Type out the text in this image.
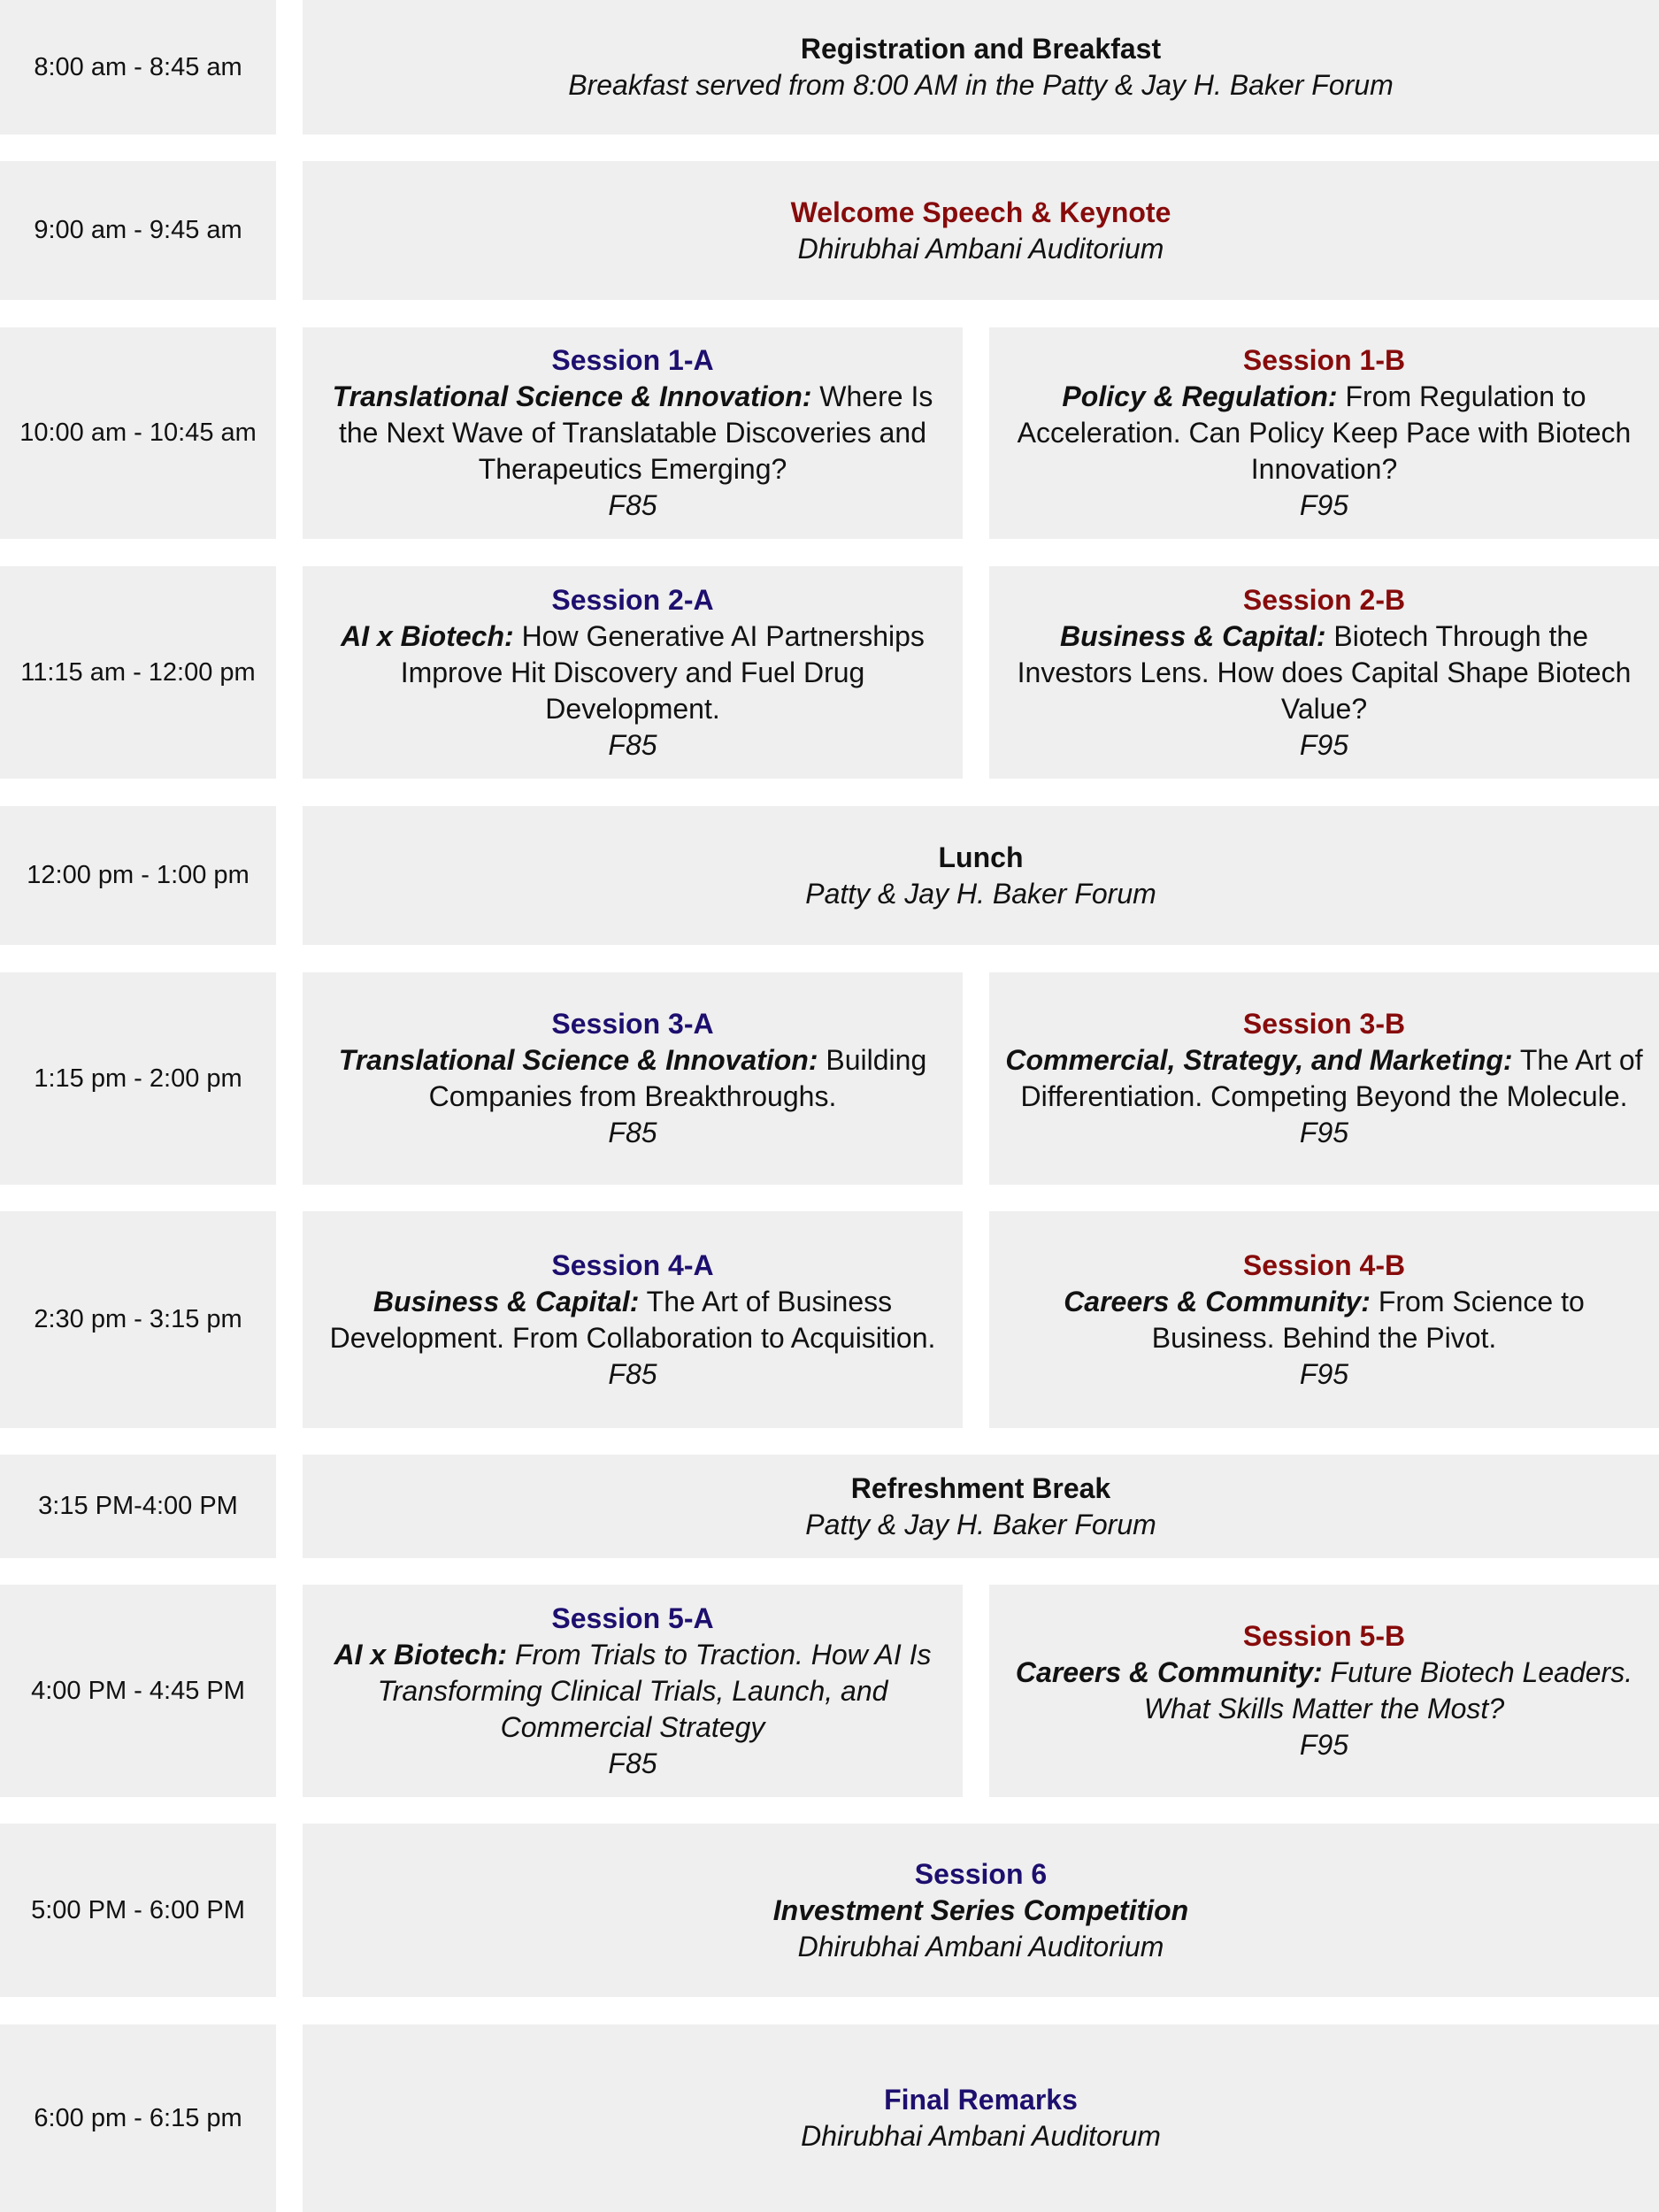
8:00 am - 8:45 am
Registration and Breakfast
Breakfast served from 8:00 AM in the Patty & Jay H. Baker Forum
9:00 am - 9:45 am
Welcome Speech & Keynote
Dhirubhai Ambani Auditorium
10:00 am - 10:45 am
Session 1-A
Translational Science & Innovation: Where Is the Next Wave of Translatable Discoveries and Therapeutics Emerging?
F85
Session 1-B
Policy & Regulation: From Regulation to Acceleration. Can Policy Keep Pace with Biotech Innovation?
F95
11:15 am - 12:00 pm
Session 2-A
AI x Biotech: How Generative AI Partnerships Improve Hit Discovery and Fuel Drug Development.
F85
Session 2-B
Business & Capital: Biotech Through the Investors Lens. How does Capital Shape Biotech Value?
F95
12:00 pm - 1:00 pm
Lunch
Patty & Jay H. Baker Forum
1:15 pm - 2:00 pm
Session 3-A
Translational Science & Innovation: Building Companies from Breakthroughs.
F85
Session 3-B
Commercial, Strategy, and Marketing: The Art of Differentiation. Competing Beyond the Molecule.
F95
2:30 pm - 3:15 pm
Session 4-A
Business & Capital: The Art of Business Development. From Collaboration to Acquisition.
F85
Session 4-B
Careers & Community: From Science to Business. Behind the Pivot.
F95
3:15 PM-4:00 PM
Refreshment Break
Patty & Jay H. Baker Forum
4:00 PM - 4:45 PM
Session 5-A
AI x Biotech: From Trials to Traction. How AI Is Transforming Clinical Trials, Launch, and Commercial Strategy
F85
Session 5-B
Careers & Community: Future Biotech Leaders. What Skills Matter the Most?
F95
5:00 PM - 6:00 PM
Session 6
Investment Series Competition
Dhirubhai Ambani Auditorium
6:00 pm - 6:15 pm
Final Remarks
Dhirubhai Ambani Auditorum
